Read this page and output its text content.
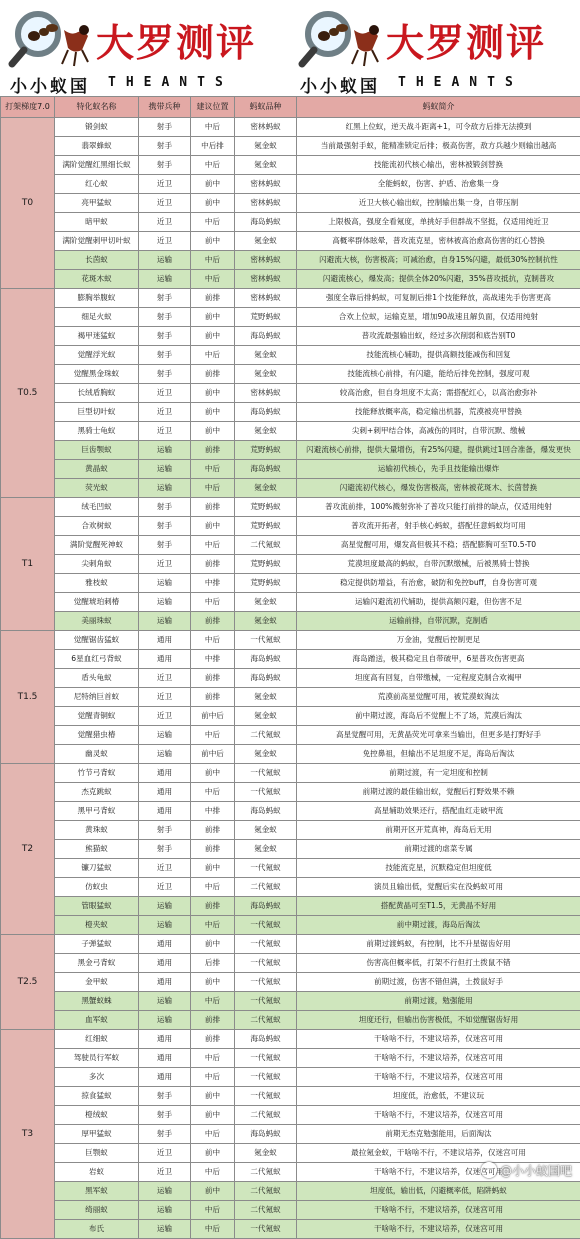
大罗测评
小小蚁国 THEANTS
大罗测评
小小蚁国 THEANTS
打架梯度7.0	特化蚁名称	携带兵种	建议位置	蚂蚁品种	蚂蚁简介
T0	锻剑蚁	射手	中后	密林蚂蚁	红黑上位蚁，逆天战斗距离+1，可令敌方后排无法摸到
	翡翠蜂蚁	射手	中后排	氪金蚁	当前最强射手蚁，能精准锁定后排；极高伤害，敌方兵越少则输出越高
	满阶觉醒红黑细长蚁	射手	中后	氪金蚁	技能流初代核心输出，密林被锻剑替换
	红心蚁	近卫	前中	密林蚂蚁	全能蚂蚁，伤害、护盾、治愈集一身
	亮甲猛蚁	近卫	前中	密林蚂蚁	近卫大核心输出蚁，控制输出集一身，自带压制
	暗甲蚁	近卫	中后	海岛蚂蚁	上限极高，强度全看氪度，单挑好手但群战不坚挺，仅适用纯近卫
	满阶觉醒刺甲切叶蚁	近卫	前中	氪金蚁	高概率群体眩晕，普攻流克星，密林被高治愈高伤害的红心替换
	长茵蚁	运输	中后	密林蚂蚁	闪避流大核，伤害极高；可减治愈，自身15%闪避，最低30%控制抗性
	花斑木蚁	运输	中后	密林蚂蚁	闪避流核心，爆发高；提供全体20%闪避，35%普攻抵抗，克制普攻
T0.5	膨胸举腹蚁	射手	前排	密林蚂蚁	强度全靠后排蚂蚁，可复制后排1个技能释放，高战速先手伤害更高
	细足火蚁	射手	前中	荒野蚂蚁	合欢上位蚁，运输克星，增加90战速且解负面，仅适用纯射
	褐甲迷猛蚁	射手	前中	海岛蚂蚁	普攻流最强输出蚁，经过多次削弱和底告别T0
	觉醒浮光蚁	射手	中后	氪金蚁	技能流核心辅助，提供高额技能减伤和回复
	觉醒黑金珠蚁	射手	前排	氪金蚁	技能流核心前排，有闪避，能给后排免控制，强度可观
	长绒盾胸蚁	近卫	前中	密林蚂蚁	较高治愈，但自身坦度不太高；需搭配红心，以高治愈弥补
	巨型切叶蚁	近卫	前中	海岛蚂蚁	技能释放概率高，稳定输出机器，荒漠被亮甲替换
	黑骑士龟蚁	近卫	前中	氪金蚁	尖刺+刺甲结合体，高减伤的同时，自带沉默、缴械
	巨齿颚蚁	运输	前排	荒野蚂蚁	闪避流核心前排，提供大量增伤，有25%闪避，提供跳过1回合准备，爆发更快
	黄晶蚁	运输	中后	海岛蚂蚁	运输初代核心，先手且技能输出爆炸
	荧光蚁	运输	中后	氪金蚁	闪避流初代核心，爆发伤害极高，密林被花斑木、长茵替换
T1	绒毛凹蚁	射手	前排	荒野蚂蚁	普攻流前排，100%溅射弥补了普攻只能打前排的缺点，仅适用纯射
	合欢树蚁	射手	前中	荒野蚂蚁	普攻流开拓者，射手核心蚂蚁，搭配任意蚂蚁均可用
	满阶觉醒死神蚁	射手	中后	二代氪蚁	高星觉醒可用，爆发高但极其不稳；搭配膨胸可至T0.5-T0
	尖刺角蚁	近卫	前排	荒野蚂蚁	荒漠坦度最高的蚂蚁，自带沉默缴械，后被黑骑士替换
	雅枝蚁	运输	中排	荒野蚂蚁	稳定提供防增益，有治愈，破防和免控buff，自身伤害可观
	觉醒琥珀刺椿	运输	中后	氪金蚁	运输闪避流初代辅助，提供高额闪避，但伤害不足
	美丽珠蚁	运输	前排	氪金蚁	运输前排，自带沉默，克制盾
T1.5	觉醒锯齿猛蚁	通用	中后	一代氪蚁	万金油，觉醒后控制更足
	6星血红弓背蚁	通用	中排	海岛蚂蚁	海岛蹭送，极其稳定且自带破甲，6星普攻伤害更高
	盾头龟蚁	近卫	前排	海岛蚂蚁	坦度高有回复，自带缴械，一定程度克制合欢褐甲
	尼特纳巨首蚁	近卫	前排	氪金蚁	荒漠前高星觉醒可用，被荒漠蚁淘汰
	觉醒青铜蚁	近卫	前中后	氪金蚁	前中期过渡，海岛后不觉醒上不了场，荒漠后淘汰
	觉醒猎虫椿	运输	中后	二代氪蚁	高星觉醒可用，无黄晶荧光可拿来当输出，但更多是打野好手
	幽灵蚁	运输	前中后	氪金蚁	免控鼻祖，但输出不足坦度不足，海岛后淘汰
T2	竹节弓背蚁	通用	前中	一代氪蚁	前期过渡，有一定坦度和控制
	杰克跳蚁	通用	中后	一代氪蚁	前期过渡的最佳输出蚁，觉醒后打野效果不赖
	黑甲弓背蚁	通用	中排	海岛蚂蚁	高星辅助效果还行，搭配血红走破甲流
	黄珠蚁	射手	前排	氪金蚁	前期开区开荒真神，海岛后无用
	熊猫蚁	射手	前排	氪金蚁	前期过渡的虐菜专属
	镰刀猛蚁	近卫	前中	一代氪蚁	技能流克星，沉默稳定但坦度低
	仿蚁虫	近卫	中后	二代氪蚁	演员且输出低，觉醒后实在没蚂蚁可用
	管眼猛蚁	运输	前排	海岛蚂蚁	搭配黄晶可至T1.5，无黄晶不好用
	橙夹蚁	运输	中后	一代氪蚁	前中期过渡，海岛后淘汰
T2.5	子弹猛蚁	通用	前中	一代氪蚁	前期过渡蚂蚁，有控制，比不升星锯齿好用
	黑金弓背蚁	通用	后排	一代氪蚁	伤害高但概率低，打架不行但打土拨鼠不错
	金甲蚁	通用	前中	一代氪蚁	前期过渡，伤害不错但满，土拨鼠好手
	黑蟹蚁蛛	运输	中后	一代氪蚁	前期过渡，勉强能用
	血军蚁	运输	前排	二代氪蚁	坦度还行，但输出伤害极低，不如觉醒锯齿好用
T3	红细蚁	通用	前排	海岛蚂蚁	干啥啥不行，不建议培养，仅迷宫可用
	驾驶员行军蚁	通用	中后	一代氪蚁	干啥啥不行，不建议培养，仅迷宫可用
	多次	通用	中后	一代氪蚁	干啥啥不行，不建议培养，仅迷宫可用
	掠食猛蚁	射手	前中	一代氪蚁	坦度低，治愈低，不建议玩
	橙绒蚁	射手	前中	二代氪蚁	干啥啥不行，不建议培养，仅迷宫可用
	厚甲猛蚁	射手	中后	海岛蚂蚁	前期无杰克勉强能用，后面淘汰
	巨颚蚁	近卫	前中	氪金蚁	最拉氪金蚁，干啥啥不行，不建议培养，仅迷宫可用
	岩蚁	近卫	中后	二代氪蚁	干啥啥不行，不建议培养，仅迷宫可用
	黑军蚁	运输	前中	二代氪蚁	坦度低，输出低，闪避概率低，陷阱蚂蚁
	绮丽蚁	运输	中后	二代氪蚁	干啥啥不行，不建议培养，仅迷宫可用
	布氏	运输	中后	一代氪蚁	干啥啥不行，不建议培养，仅迷宫可用
@小小蚁国吧
